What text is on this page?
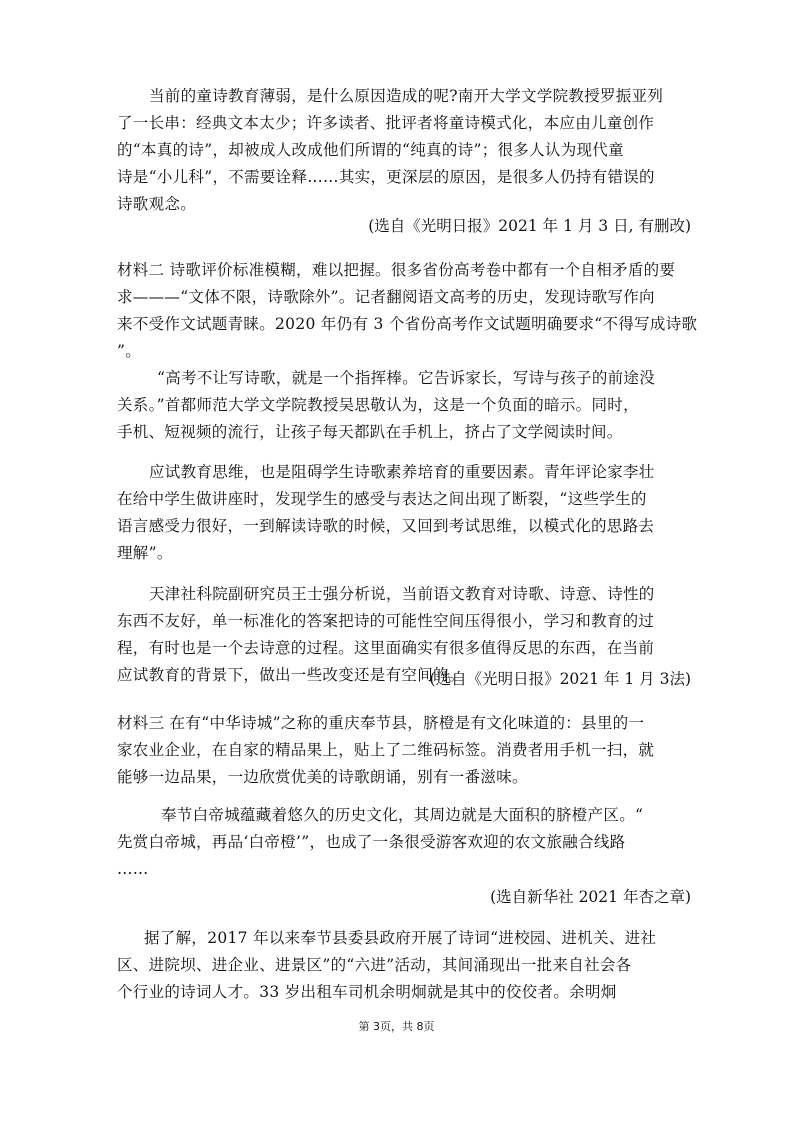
当前的童诗教育薄弱，是什么原因造成的呢?南开大学文学院教授罗振亚列
了一长串：经典文本太少；许多读者、批评者将童诗模式化，本应由儿童创作
的“本真的诗”，却被成人改成他们所谓的“纯真的诗”；很多人认为现代童
诗是“小儿科”，不需要诠释……其实，更深层的原因，是很多人仍持有错误的
诗歌观念。
(选自《光明日报》2021 年 1 月 3 日, 有删改)
材料二 诗歌评价标准模糊，难以把握。很多省份高考卷中都有一个自相矛盾的要
求———“文体不限，诗歌除外”。记者翻阅语文高考的历史，发现诗歌写作向
来不受作文试题青睐。2020 年仍有 3 个省份高考作文试题明确要求“不得写成诗歌
”。
“高考不让写诗歌，就是一个指挥棒。它告诉家长，写诗与孩子的前途没
关系。”首都师范大学文学院教授吴思敬认为，这是一个负面的暗示。同时，
手机、短视频的流行，让孩子每天都趴在手机上，挤占了文学阅读时间。
应试教育思维，也是阻碍学生诗歌素养培育的重要因素。青年评论家李壮
在给中学生做讲座时，发现学生的感受与表达之间出现了断裂，“这些学生的
语言感受力很好，一到解读诗歌的时候，又回到考试思维，以模式化的思路去
理解”。
天津社科院副研究员王士强分析说，当前语文教育对诗歌、诗意、诗性的
东西不友好，单一标准化的答案把诗的可能性空间压得很小，学习和教育的过
程，有时也是一个去诗意的过程。这里面确实有很多值得反思的东西，在当前
应试教育的背景下，做出一些改变还是有空间的。
(选自《光明日报》2021 年 1 月 3法)
材料三 在有“中华诗城”之称的重庆奉节县，脐橙是有文化味道的：县里的一
家农业企业，在自家的精品果上，贴上了二维码标签。消费者用手机一扫，就
能够一边品果，一边欣赏优美的诗歌朗诵，别有一番滋味。
奉节白帝城蕴藏着悠久的历史文化，其周边就是大面积的脐橙产区。“
先赏白帝城，再品‘白帝橙’”，也成了一条很受游客欢迎的农文旅融合线路
……
(选自新华社 2021 年杏之章)
据了解，2017 年以来奉节县委县政府开展了诗词“进校园、进机关、进社
区、进院坝、进企业、进景区”的“六进”活动，其间涌现出一批来自社会各
个行业的诗词人才。33 岁出租车司机余明炯就是其中的佼佼者。余明炯
第 3页，共 8页
